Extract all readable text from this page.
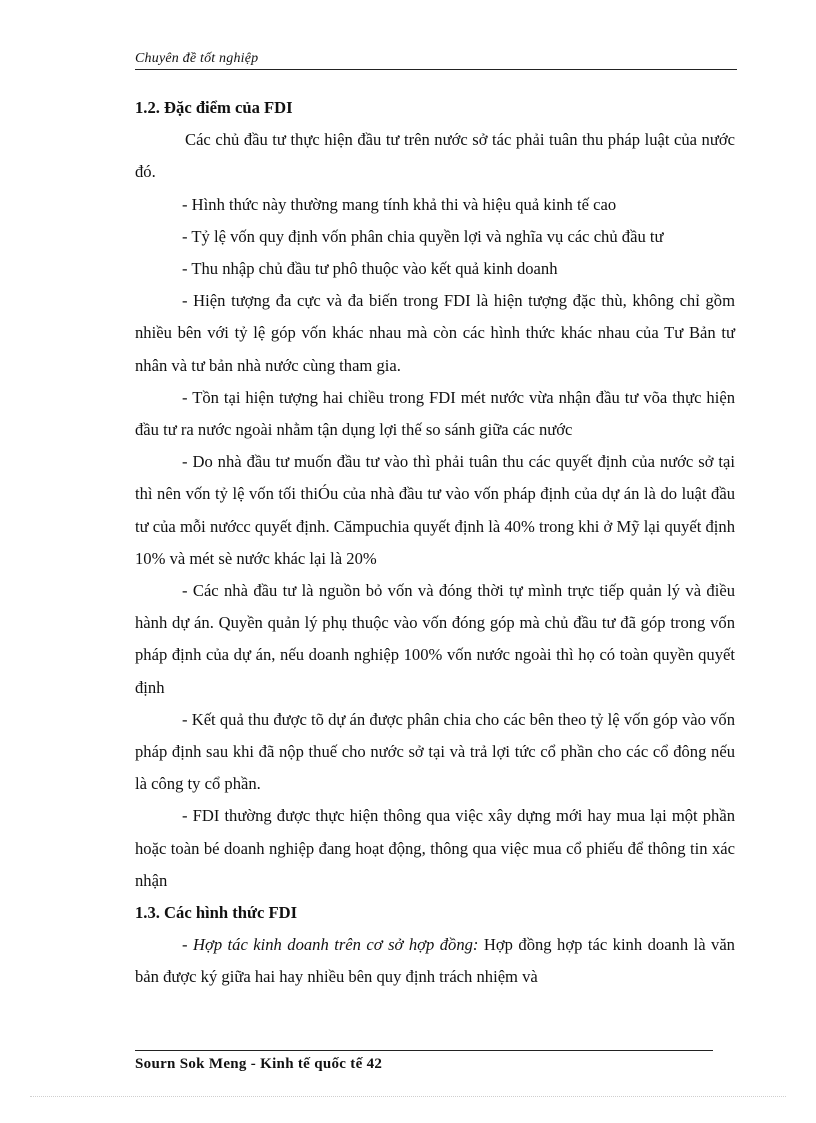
Chuyên đề tốt nghiệp

1.2. Đặc điểm của FDI

Các chủ đầu tư thực hiện đầu tư trên nước sở tác phải tuân thu pháp luật của nước đó.

- Hình thức này thường mang tính khả thi và hiệu quả kinh tế cao

- Tỷ lệ vốn quy định vốn phân chia quyền lợi và nghĩa vụ các chủ đầu tư

- Thu nhập chủ đầu tư phô thuộc vào kết quả kinh doanh

- Hiện tượng đa cực và đa biến trong FDI là hiện tượng đặc thù, không chỉ gồm nhiều bên với tỷ lệ góp vốn khác nhau mà còn các hình thức khác nhau của Tư Bản tư nhân và tư bản nhà nước cùng tham gia.

- Tồn tại hiện tượng hai chiều trong FDI mét nước vừa nhận đầu tư võa thực hiện đầu tư ra nước ngoài nhằm tận dụng lợi thế so sánh giữa các nước

- Do nhà đầu tư muốn đầu tư vào thì phải tuân thu các quyết định của nước sở tại thì nên vốn tỷ lệ vốn tối thiÓu của nhà đầu tư vào vốn pháp định của dự án là do luật đầu tư của mỗi nướcc quyết định. Cămpuchia quyết định là 40% trong khi ở Mỹ lại quyết định 10% và mét sè nước khác lại là 20%

- Các nhà đầu tư là nguồn bỏ vốn và đóng thời tự mình trực tiếp quản lý và điều hành dự án. Quyền quản lý phụ thuộc vào vốn đóng góp mà chủ đầu tư đã góp trong vốn pháp định của dự án, nếu doanh nghiệp 100% vốn nước ngoài thì họ có toàn quyền quyết định

- Kết quả thu được tõ dự án được phân chia cho các bên theo tỷ lệ vốn góp vào vốn pháp định sau khi đã nộp thuế cho nước sở tại và trả lợi tức cổ phần cho các cổ đông nếu là công ty cổ phần.

- FDI thường được thực hiện thông qua việc xây dựng mới hay mua lại một phần hoặc toàn bé doanh nghiệp đang hoạt động, thông qua việc mua cổ phiếu để thông tin xác nhận

1.3. Các hình thức FDI

- Hợp tác kinh doanh trên cơ sở hợp đồng: Hợp đồng hợp tác kinh doanh là văn bản được ký giữa hai hay nhiều bên quy định trách nhiệm và

Sourn Sok Meng - Kinh tế quốc tế 42
